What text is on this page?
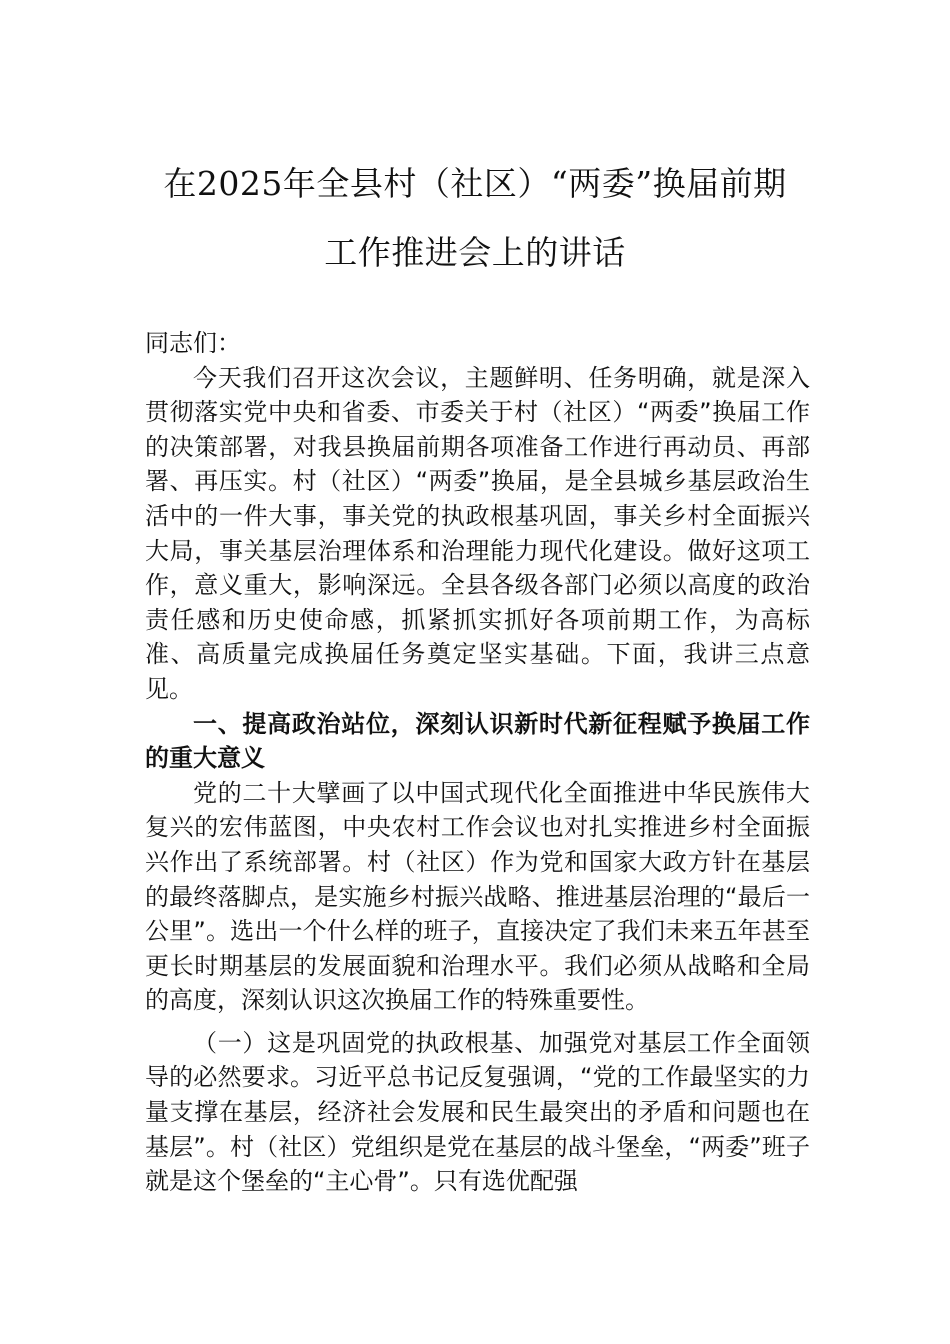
在2025年全县村（社区）“两委”换届前期

工作推进会上的讲话

同志们：

今天我们召开这次会议，主题鲜明、任务明确，就是深入贯彻落实党中央和省委、市委关于村（社区）“两委”换届工作的决策部署，对我县换届前期各项准备工作进行再动员、再部署、再压实。村（社区）“两委”换届，是全县城乡基层政治生活中的一件大事，事关党的执政根基巩固，事关乡村全面振兴大局，事关基层治理体系和治理能力现代化建设。做好这项工作，意义重大，影响深远。全县各级各部门必须以高度的政治责任感和历史使命感，抓紧抓实抓好各项前期工作，为高标准、高质量完成换届任务奠定坚实基础。下面，我讲三点意见。

一、提高政治站位，深刻认识新时代新征程赋予换届工作的重大意义

党的二十大擘画了以中国式现代化全面推进中华民族伟大复兴的宏伟蓝图，中央农村工作会议也对扎实推进乡村全面振兴作出了系统部署。村（社区）作为党和国家大政方针在基层的最终落脚点，是实施乡村振兴战略、推进基层治理的“最后一公里”。选出一个什么样的班子，直接决定了我们未来五年甚至更长时期基层的发展面貌和治理水平。我们必须从战略和全局的高度，深刻认识这次换届工作的特殊重要性。

（一）这是巩固党的执政根基、加强党对基层工作全面领导的必然要求。习近平总书记反复强调，“党的工作最坚实的力量支撑在基层，经济社会发展和民生最突出的矛盾和问题也在基层”。村（社区）党组织是党在基层的战斗堡垒，“两委”班子就是这个堡垒的“主心骨”。只有选优配强
